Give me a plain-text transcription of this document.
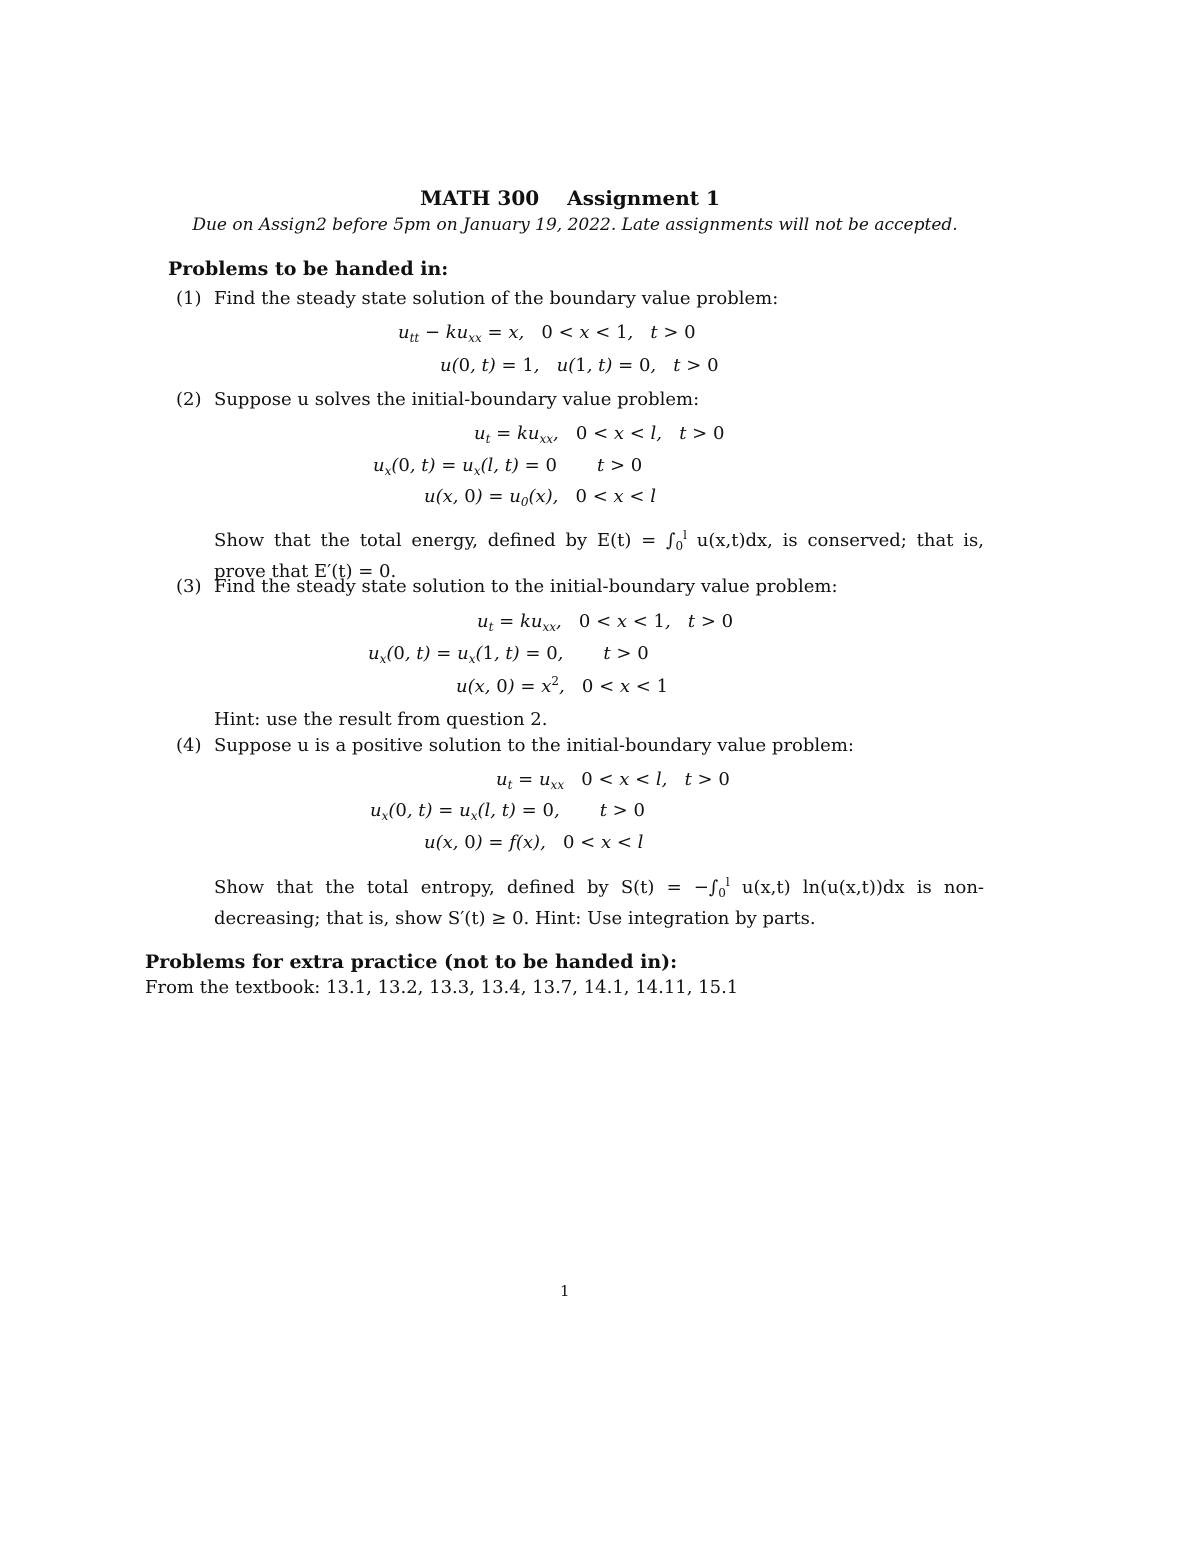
MATH 300 Assignment 1
Due on Assign2 before 5pm on January 19, 2022. Late assignments will not be accepted.
Problems to be handed in:
(1) Find the steady state solution of the boundary value problem:
$u_{tt} - ku_{xx} = x$,   0 < x < 1,   t > 0
u(0, t) = 1,   u(1, t) = 0,   t > 0
(2) Suppose u solves the initial-boundary value problem:
$u_t = ku_{xx}$,   0 < x < l,   t > 0
$u_x(0$, $t) = u_x(l$, t) = 0       t > 0
u(x, $0) = u_0(x)$,   0 < x < l
Show that the total energy, defined by $E(t) = \int_0^l$ u(x,t)dx, is conserved; that is, prove that E′(t) = 0.
(3) Find the steady state solution to the initial-boundary value problem:
$u_t = ku_{xx}$,   0 < x < 1,   t > 0
$u_x(0$, $t) = u_x(1$, t) = 0,       t > 0
u(x, $0) = x^2$,   0 < x < 1
Hint: use the result from question 2.
(4) Suppose u is a positive solution to the initial-boundary value problem:
$u_t = u_{xx}$ 0 < x < l,   t > 0
$u_x(0$, $t) = u_x(l$, t) = 0,       t > 0
u(x, 0) = f(x),   0 < x < l
Show that the total entropy, defined by $S(t) = -\int_0^l$ u(x,t) ln(u(x,t))dx is non-decreasing; that is, show S′(t) ≥ 0. Hint: Use integration by parts.
Problems for extra practice (not to be handed in):
From the textbook: 13.1, 13.2, 13.3, 13.4, 13.7, 14.1, 14.11, 15.1
1
